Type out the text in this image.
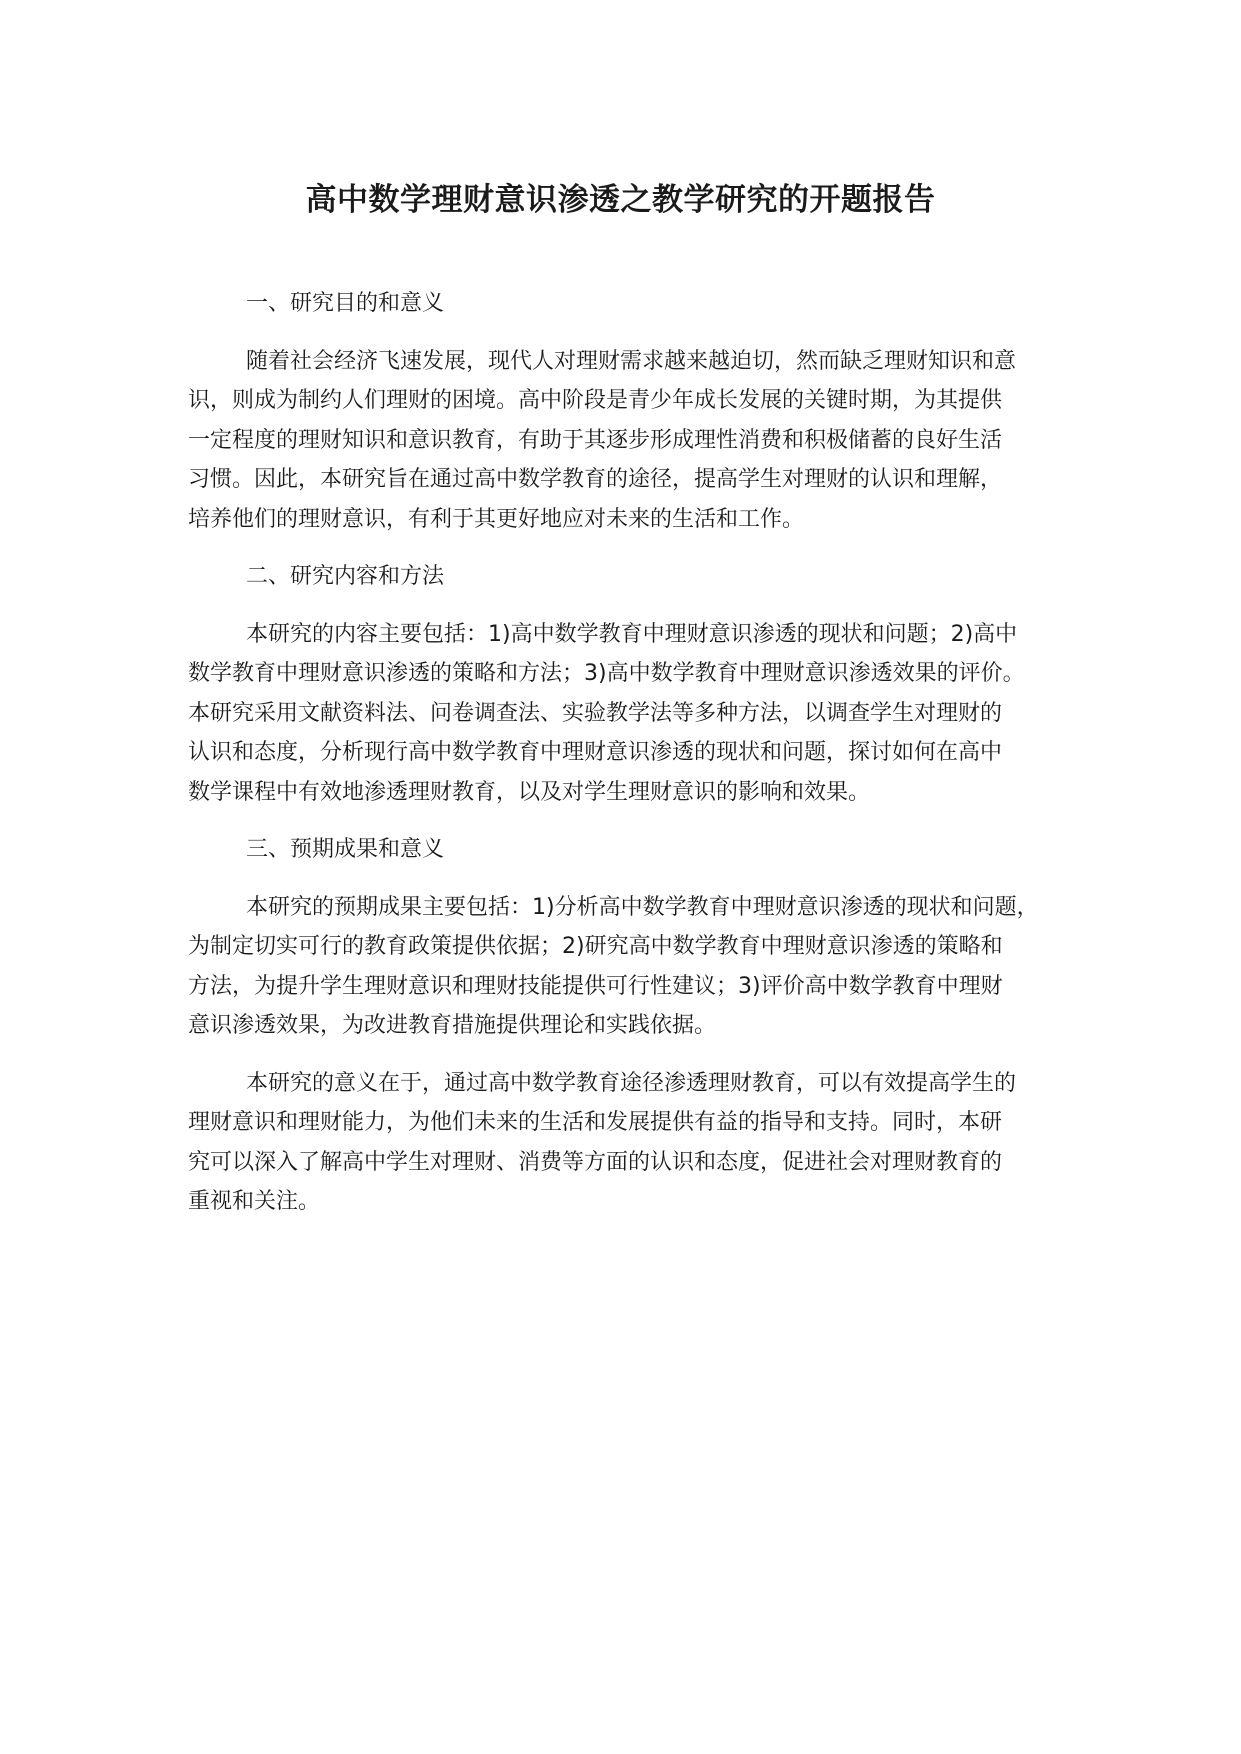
高中数学理财意识渗透之教学研究的开题报告
一、研究目的和意义
随着社会经济飞速发展，现代人对理财需求越来越迫切，然而缺乏理财知识和意
识，则成为制约人们理财的困境。高中阶段是青少年成长发展的关键时期，为其提供
一定程度的理财知识和意识教育，有助于其逐步形成理性消费和积极储蓄的良好生活
习惯。因此，本研究旨在通过高中数学教育的途径，提高学生对理财的认识和理解，
培养他们的理财意识，有利于其更好地应对未来的生活和工作。
二、研究内容和方法
本研究的内容主要包括：1)高中数学教育中理财意识渗透的现状和问题；2)高中
数学教育中理财意识渗透的策略和方法；3)高中数学教育中理财意识渗透效果的评价。
本研究采用文献资料法、问卷调查法、实验教学法等多种方法，以调查学生对理财的
认识和态度，分析现行高中数学教育中理财意识渗透的现状和问题，探讨如何在高中
数学课程中有效地渗透理财教育，以及对学生理财意识的影响和效果。
三、预期成果和意义
本研究的预期成果主要包括：1)分析高中数学教育中理财意识渗透的现状和问题，
为制定切实可行的教育政策提供依据；2)研究高中数学教育中理财意识渗透的策略和
方法，为提升学生理财意识和理财技能提供可行性建议；3)评价高中数学教育中理财
意识渗透效果，为改进教育措施提供理论和实践依据。
本研究的意义在于，通过高中数学教育途径渗透理财教育，可以有效提高学生的
理财意识和理财能力，为他们未来的生活和发展提供有益的指导和支持。同时，本研
究可以深入了解高中学生对理财、消费等方面的认识和态度，促进社会对理财教育的
重视和关注。
